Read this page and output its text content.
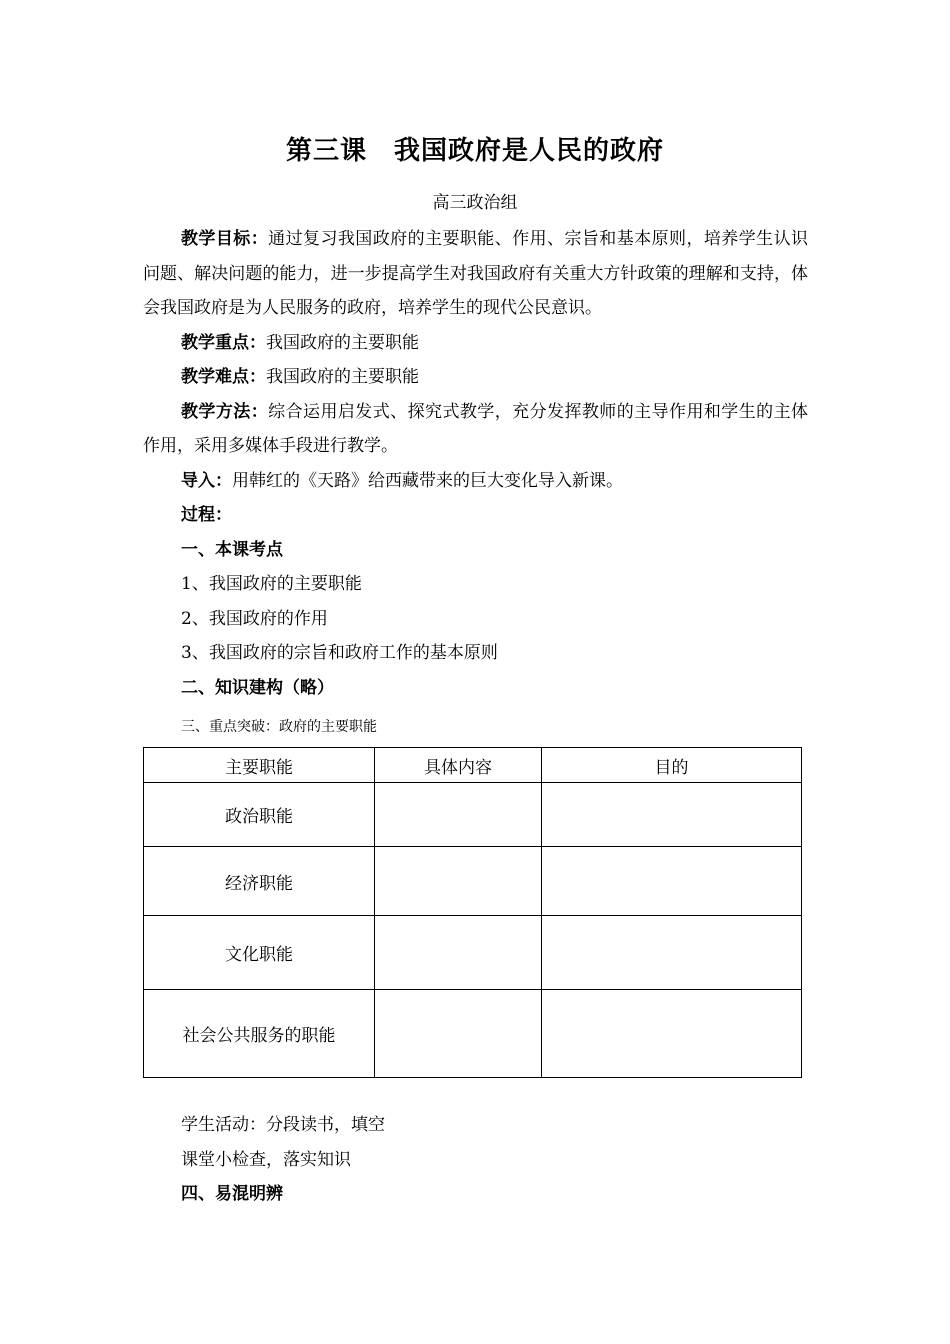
第三课　我国政府是人民的政府
高三政治组

教学目标：通过复习我国政府的主要职能、作用、宗旨和基本原则，培养学生认识问题、解决问题的能力，进一步提高学生对我国政府有关重大方针政策的理解和支持，体会我国政府是为人民服务的政府，培养学生的现代公民意识。

教学重点：我国政府的主要职能

教学难点：我国政府的主要职能

教学方法：综合运用启发式、探究式教学，充分发挥教师的主导作用和学生的主体作用，采用多媒体手段进行教学。

导入：用韩红的《天路》给西藏带来的巨大变化导入新课。

过程：

一、本课考点

1、我国政府的主要职能

2、我国政府的作用

3、我国政府的宗旨和政府工作的基本原则

二、知识建构（略）

三、重点突破：政府的主要职能
主要职能	具体内容	目的
政治职能		
经济职能		
文化职能		
社会公共服务的职能		

学生活动：分段读书，填空

课堂小检查，落实知识

四、易混明辨
